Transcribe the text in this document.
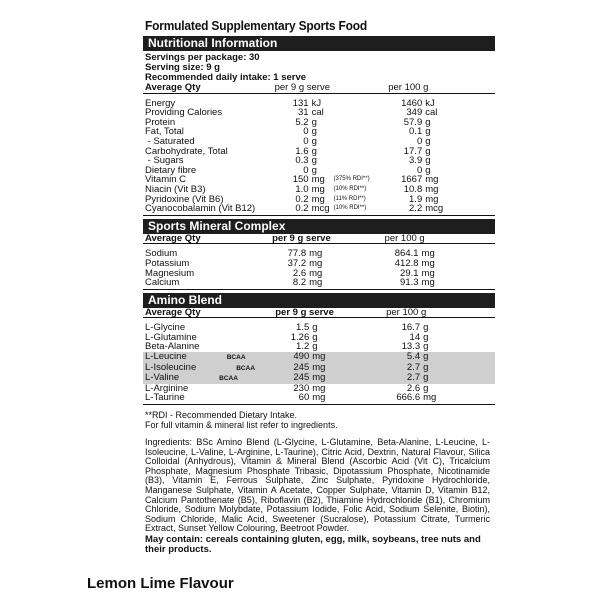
Formulated Supplementary Sports Food
Nutritional Information
Servings per package: 30
Serving size: 9 g
Recommended daily intake: 1 serve
Average Qty	per 9 g serve	per 100 g

Energy	131 kJ	1460 kJ
Providing Calories	31 cal	349 cal
Protein	5.2 g	57.9 g
Fat, Total	0 g	0.1 g
- Saturated	0 g	0 g
Carbohydrate, Total	1.6 g	17.7 g
- Sugars	0.3 g	3.9 g
Dietary fibre	0 g	0 g
Vitamin C	150 mg (375% RDI**)	1667 mg
Niacin (Vit B3)	1.0 mg (10% RDI**)	10.8 mg
Pyridoxine (Vit B6)	0.2 mg (11% RDI**)	1.9 mg
Cyanocobalamin (Vit B12)	0.2 mcg (10% RDI**)	2.2 mcg

Sports Mineral Complex
Average Qty	per 9 g serve	per 100 g

Sodium	77.8 mg	864.1 mg
Potassium	37.2 mg	412.8 mg
Magnesium	2.6 mg	29.1 mg
Calcium	8.2 mg	91.3 mg

Amino Blend
Average Qty	per 9 g serve	per 100 g

L-Glycine	1.5 g	16.7 g
L-Glutamine	1.26 g	14 g
Beta-Alanine	1.2 g	13.3 g
L-Leucine BCAA	490 mg	5.4 g
L-Isoleucine BCAA	245 mg	2.7 g
L-Valine BCAA	245 mg	2.7 g
L-Arginine	230 mg	2.6 g
L-Taurine	60 mg	666.6 mg

**RDI - Recommended Dietary Intake.
For full vitamin & mineral list refer to ingredients.
Ingredients: BSc Amino Blend (L-Glycine, L-Glutamine, Beta-Alanine, L-Leucine, L-Isoleucine, L-Valine, L-Arginine, L-Taurine), Citric Acid, Dextrin, Natural Flavour, Silica Colloidal (Anhydrous), Vitamin & Mineral Blend (Ascorbic Acid (Vit C), Tricalcium Phosphate, Magnesium Phosphate Tribasic, Dipotassium Phosphate, Nicotinamide (B3), Vitamin E, Ferrous Sulphate, Zinc Sulphate, Pyridoxine Hydrochloride, Manganese Sulphate, Vitamin A Acetate, Copper Sulphate, Vitamin D, Vitamin B12, Calcium Pantothenate (B5), Riboflavin (B2), Thiamine Hydrochloride (B1), Chromium Chloride, Sodium Molybdate, Potassium Iodide, Folic Acid, Sodium Selenite, Biotin), Sodium Chloride, Malic Acid, Sweetener (Sucralose), Potassium Citrate, Turmeric Extract, Sunset Yellow Colouring, Beetroot Powder.
May contain: cereals containing gluten, egg, milk, soybeans, tree nuts and their products.
Lemon Lime Flavour
